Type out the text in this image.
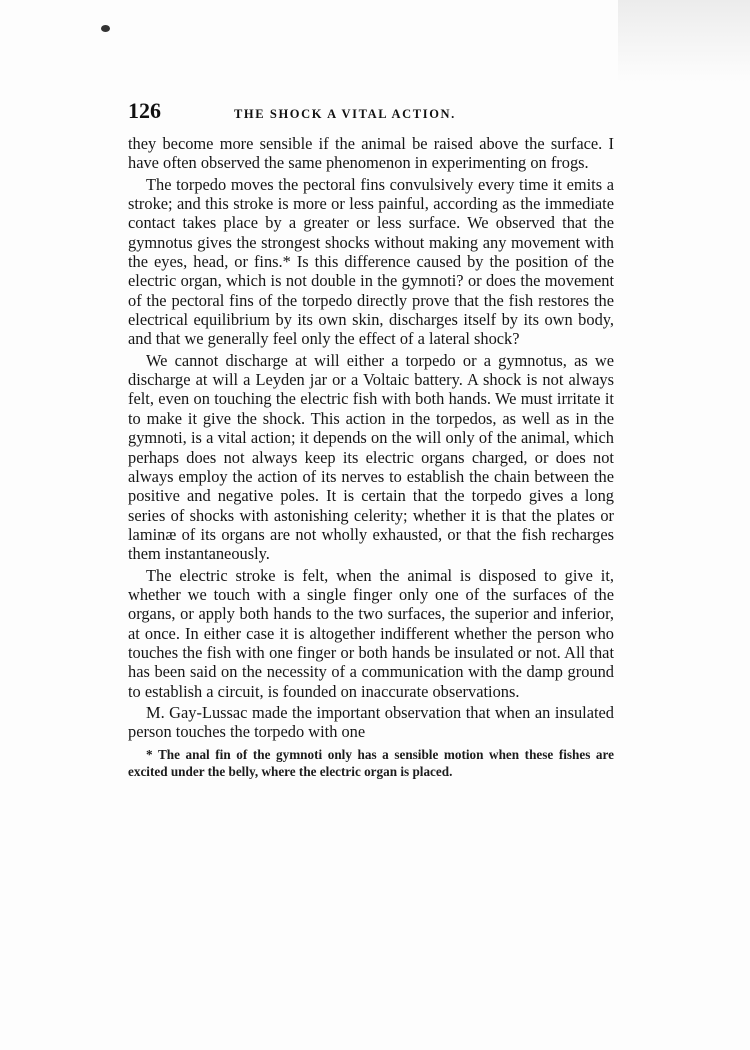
126	THE SHOCK A VITAL ACTION.

they become more sensible if the animal be raised above the surface. I have often observed the same phenomenon in experimenting on frogs.

The torpedo moves the pectoral fins convulsively every time it emits a stroke; and this stroke is more or less painful, according as the immediate contact takes place by a greater or less surface. We observed that the gymnotus gives the strongest shocks without making any movement with the eyes, head, or fins.* Is this difference caused by the position of the electric organ, which is not double in the gymnoti? or does the movement of the pectoral fins of the torpedo directly prove that the fish restores the electrical equilibrium by its own skin, discharges itself by its own body, and that we generally feel only the effect of a lateral shock?

We cannot discharge at will either a torpedo or a gymnotus, as we discharge at will a Leyden jar or a Voltaic battery. A shock is not always felt, even on touching the electric fish with both hands. We must irritate it to make it give the shock. This action in the torpedos, as well as in the gymnoti, is a vital action; it depends on the will only of the animal, which perhaps does not always keep its electric organs charged, or does not always employ the action of its nerves to establish the chain between the positive and negative poles. It is certain that the torpedo gives a long series of shocks with astonishing celerity; whether it is that the plates or laminæ of its organs are not wholly exhausted, or that the fish recharges them instantaneously.

The electric stroke is felt, when the animal is disposed to give it, whether we touch with a single finger only one of the surfaces of the organs, or apply both hands to the two surfaces, the superior and inferior, at once. In either case it is altogether indifferent whether the person who touches the fish with one finger or both hands be insulated or not. All that has been said on the necessity of a communication with the damp ground to establish a circuit, is founded on inaccurate observations.

M. Gay-Lussac made the important observation that when an insulated person touches the torpedo with one

* The anal fin of the gymnoti only has a sensible motion when these fishes are excited under the belly, where the electric organ is placed.
